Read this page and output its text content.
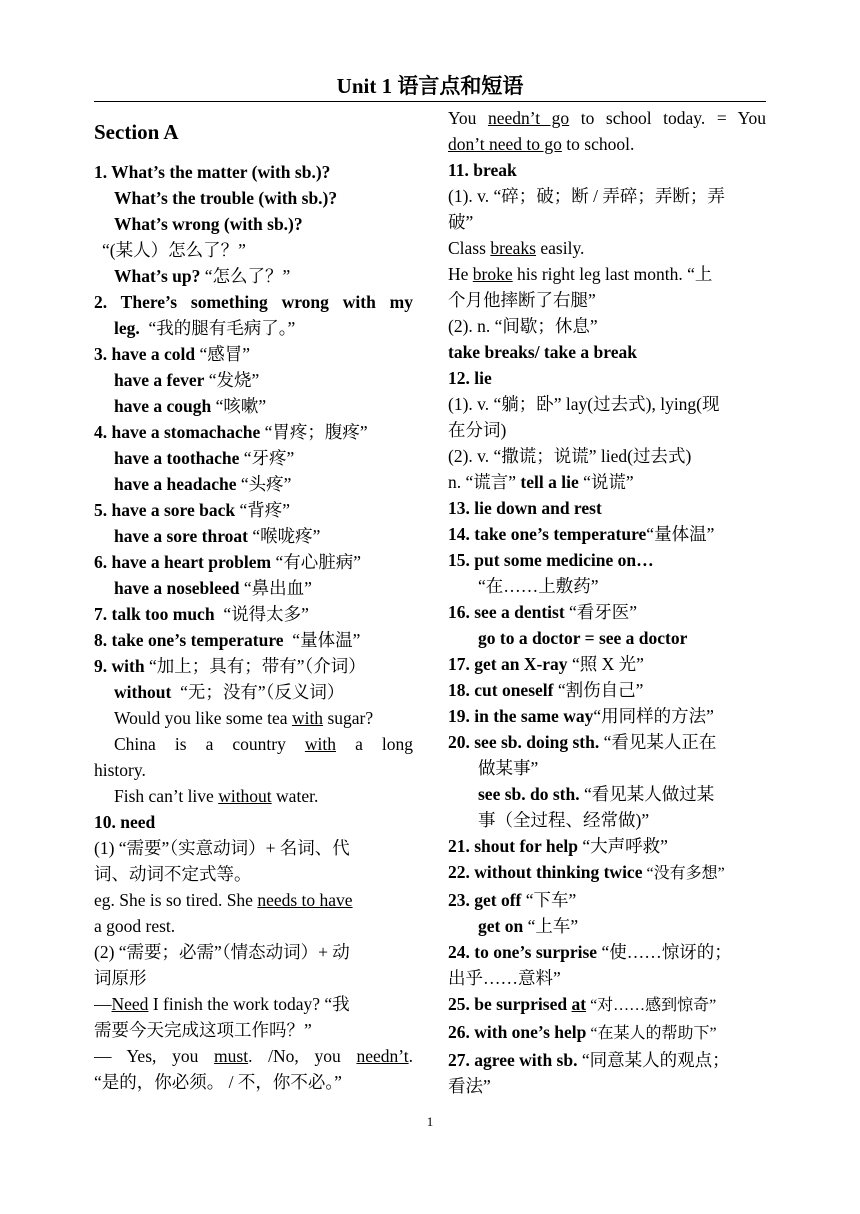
Unit 1 语言点和短语
Section A
1. What’s the matter (with sb.)?
What’s the trouble (with sb.)?
What’s wrong (with sb.)?
“(某人）怎么了？”
What’s up? “怎么了？”
2. There’s something wrong with my
leg. “我的腿有毛病了。”
3. have a cold “感冒”
have a fever “发烧”
have a cough “咳嗽”
4. have a stomachache “胃疼；腹疼”
have a toothache “牙疼”
have a headache “头疼”
5. have a sore back “背疼”
have a sore throat “喉咙疼”
6. have a heart problem “有心脏病”
have a nosebleed “鼻出血”
7. talk too much “说得太多”
8. take one’s temperature “量体温”
9. with “加上；具有；带有”（介词）
without “无；没有”（反义词）
Would you like some tea with sugar?
China is a country with a long
history.
Fish can’t live without water.
10. need
(1) “需要”（实意动词）+ 名词、代
词、动词不定式等。
eg. She is so tired. She needs to have
a good rest.
(2) “需要；必需”（情态动词）+ 动
词原形
—Need I finish the work today? “我
需要今天完成这项工作吗？”
— Yes, you must. /No, you needn’t.
“是的，你必须。 / 不，你不必。”
You needn’t go to school today. = You
don’t need to go to school.
11. break
(1). v. “碎；破；断 / 弄碎；弄断；弄
破”
Class breaks easily.
He broke his right leg last month. “上
个月他摔断了右腿”
(2). n. “间歇；休息”
take breaks/ take a break
12. lie
(1). v. “躺；卧” lay(过去式), lying(现
在分词)
(2). v. “撒谎；说谎” lied(过去式)
n. “谎言” tell a lie “说谎”
13. lie down and rest
14. take one’s temperature“量体温”
15. put some medicine on…
“在……上敷药”
16. see a dentist “看牙医”
go to a doctor = see a doctor
17. get an X-ray “照 X 光”
18. cut oneself “割伤自己”
19. in the same way“用同样的方法”
20. see sb. doing sth. “看见某人正在
做某事”
see sb. do sth. “看见某人做过某
事（全过程、经常做)”
21. shout for help “大声呼救”
22. without thinking twice “没有多想”
23. get off “下车”
get on “上车”
24. to one’s surprise “使……惊讶的；
出乎……意料”
25. be surprised at “对……感到惊奇”
26. with one’s help “在某人的帮助下”
27. agree with sb. “同意某人的观点；
看法”
1
